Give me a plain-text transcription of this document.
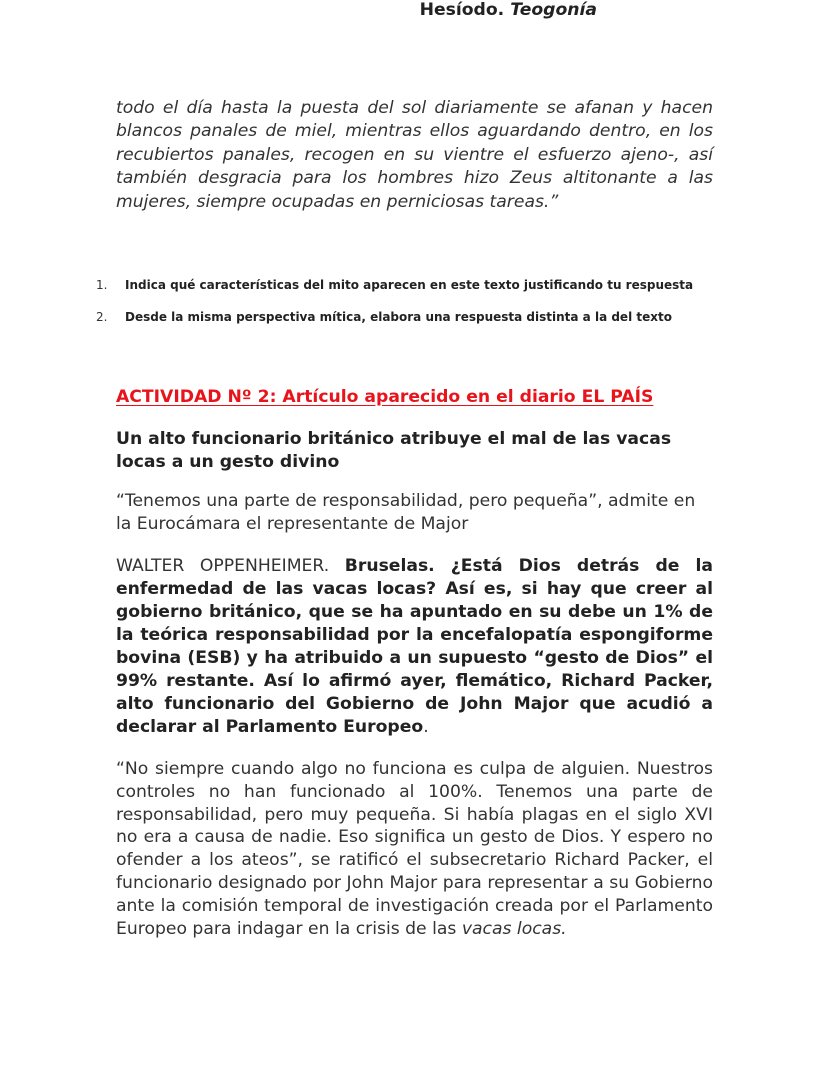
todo el día hasta la puesta del sol diariamente se afanan y hacen blancos panales de miel, mientras ellos aguardando dentro, en los recubiertos panales, recogen en su vientre el esfuerzo ajeno-, así también desgracia para los hombres hizo Zeus altitonante a las mujeres, siempre ocupadas en perniciosas tareas.”
Hesíodo. Teogonía
1.	Indica qué características del mito aparecen en este texto justificando tu respuesta
2.	Desde la misma perspectiva mítica, elabora una respuesta distinta a la del texto
ACTIVIDAD Nº 2: Artículo aparecido en el diario EL PAÍS
Un alto funcionario británico atribuye el mal de las vacas locas a un gesto divino
“Tenemos una parte de responsabilidad, pero pequeña”, admite en la Eurocámara el representante de Major
WALTER OPPENHEIMER. Bruselas. ¿Está Dios detrás de la enfermedad de las vacas locas? Así es, si hay que creer al gobierno británico, que se ha apuntado en su debe un 1% de la teórica responsabilidad por la encefalopatía espongiforme bovina (ESB) y ha atribuido a un supuesto “gesto de Dios” el 99% restante. Así lo afirmó ayer, flemático, Richard Packer, alto funcionario del Gobierno de John Major que acudió a declarar al Parlamento Europeo.
“No siempre cuando algo no funciona es culpa de alguien. Nuestros controles no han funcionado al 100%. Tenemos una parte de responsabilidad, pero muy pequeña. Si había plagas en el siglo XVI no era a causa de nadie. Eso significa un gesto de Dios. Y espero no ofender a los ateos”, se ratificó el subsecretario Richard Packer, el funcionario designado por John Major para representar a su Gobierno ante la comisión temporal de investigación creada por el Parlamento Europeo para indagar en la crisis de las vacas locas.
